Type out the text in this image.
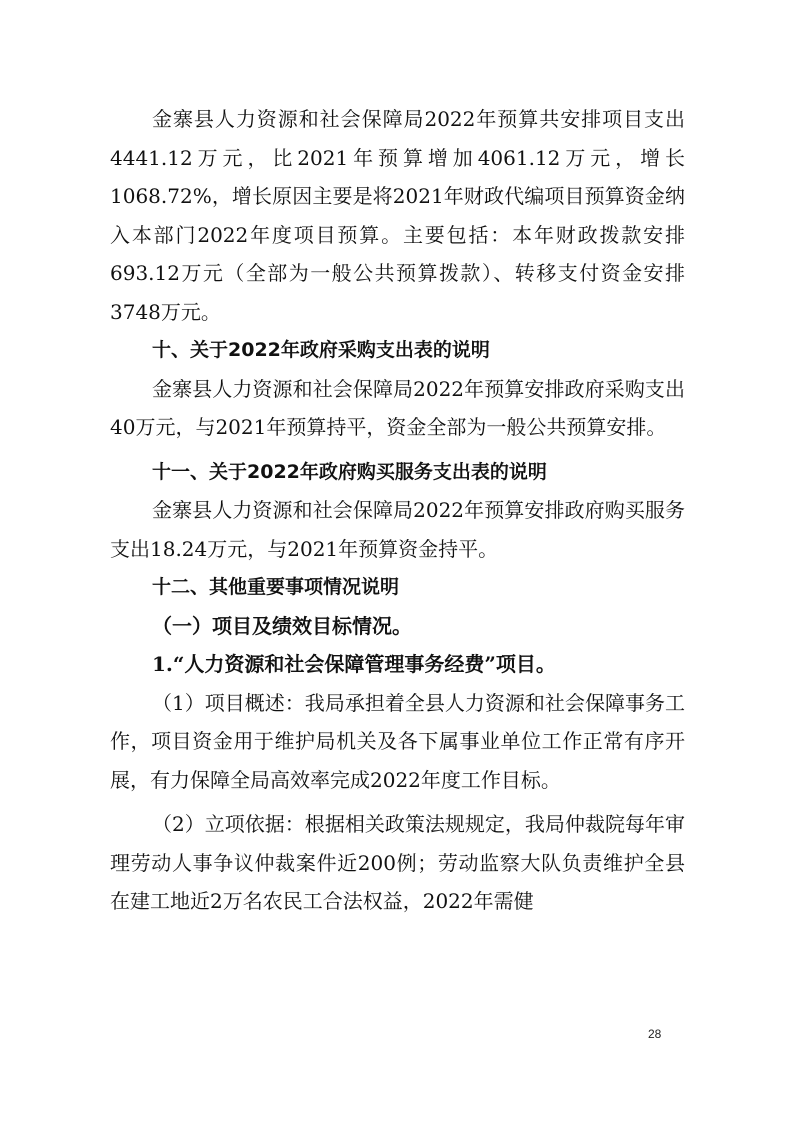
金寨县人力资源和社会保障局2022年预算共安排项目支出4441.12万元，比2021年预算增加4061.12万元，增长1068.72%，增长原因主要是将2021年财政代编项目预算资金纳入本部门2022年度项目预算。主要包括：本年财政拨款安排693.12万元（全部为一般公共预算拨款）、转移支付资金安排3748万元。

十、关于2022年政府采购支出表的说明

金寨县人力资源和社会保障局2022年预算安排政府采购支出40万元，与2021年预算持平，资金全部为一般公共预算安排。

十一、关于2022年政府购买服务支出表的说明

金寨县人力资源和社会保障局2022年预算安排政府购买服务支出18.24万元，与2021年预算资金持平。

十二、其他重要事项情况说明

（一）项目及绩效目标情况。

1.“人力资源和社会保障管理事务经费”项目。

（1）项目概述：我局承担着全县人力资源和社会保障事务工作，项目资金用于维护局机关及各下属事业单位工作正常有序开展，有力保障全局高效率完成2022年度工作目标。

（2）立项依据：根据相关政策法规规定，我局仲裁院每年审理劳动人事争议仲裁案件近200例；劳动监察大队负责维护全县在建工地近2万名农民工合法权益，2022年需健

28
